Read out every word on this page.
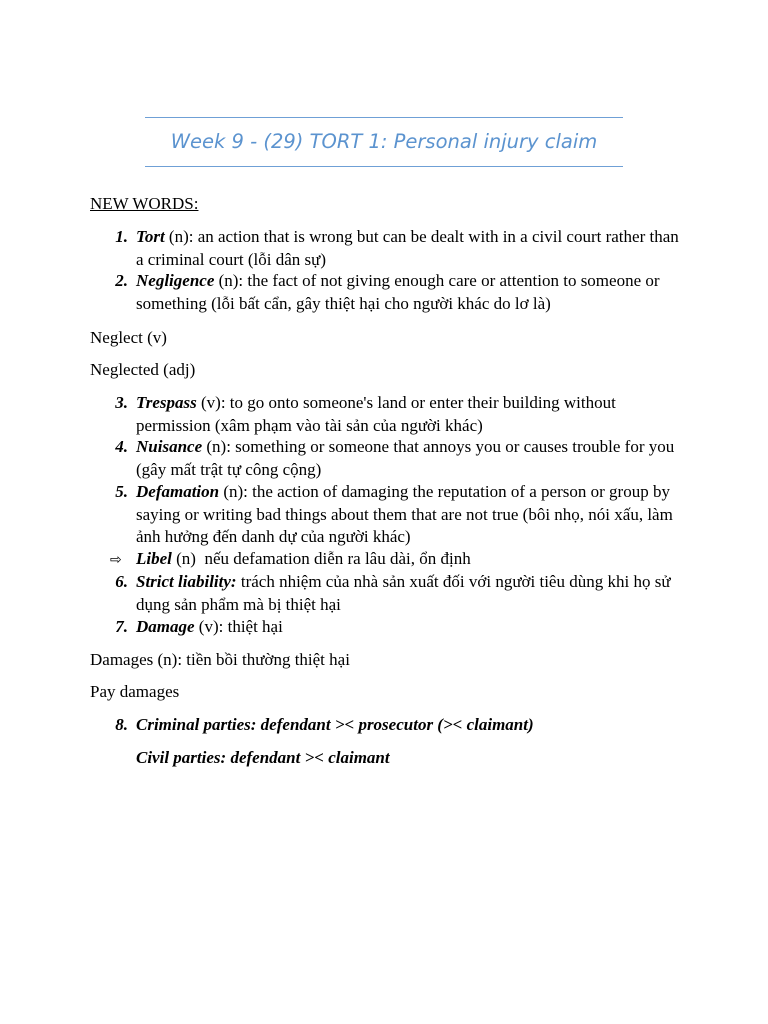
Week 9 - (29) TORT 1: Personal injury claim
NEW WORDS:
1. Tort (n): an action that is wrong but can be dealt with in a civil court rather than a criminal court (lỗi dân sự)
2. Negligence (n): the fact of not giving enough care or attention to someone or something (lỗi bất cẩn, gây thiệt hại cho người khác do lơ là)
Neglect (v)
Neglected (adj)
3. Trespass (v): to go onto someone's land or enter their building without permission (xâm phạm vào tài sản của người khác)
4. Nuisance (n): something or someone that annoys you or causes trouble for you (gây mất trật tự công cộng)
5. Defamation (n): the action of damaging the reputation of a person or group by saying or writing bad things about them that are not true (bôi nhọ, nói xấu, làm ảnh hưởng đến danh dự của người khác)
⇨ Libel (n)  nếu defamation diễn ra lâu dài, ổn định
6. Strict liability: trách nhiệm của nhà sản xuất đối với người tiêu dùng khi họ sử dụng sản phẩm mà bị thiệt hại
7. Damage (v): thiệt hại
Damages (n): tiền bồi thường thiệt hại
Pay damages
8. Criminal parties: defendant >< prosecutor (>< claimant)
Civil parties: defendant >< claimant
